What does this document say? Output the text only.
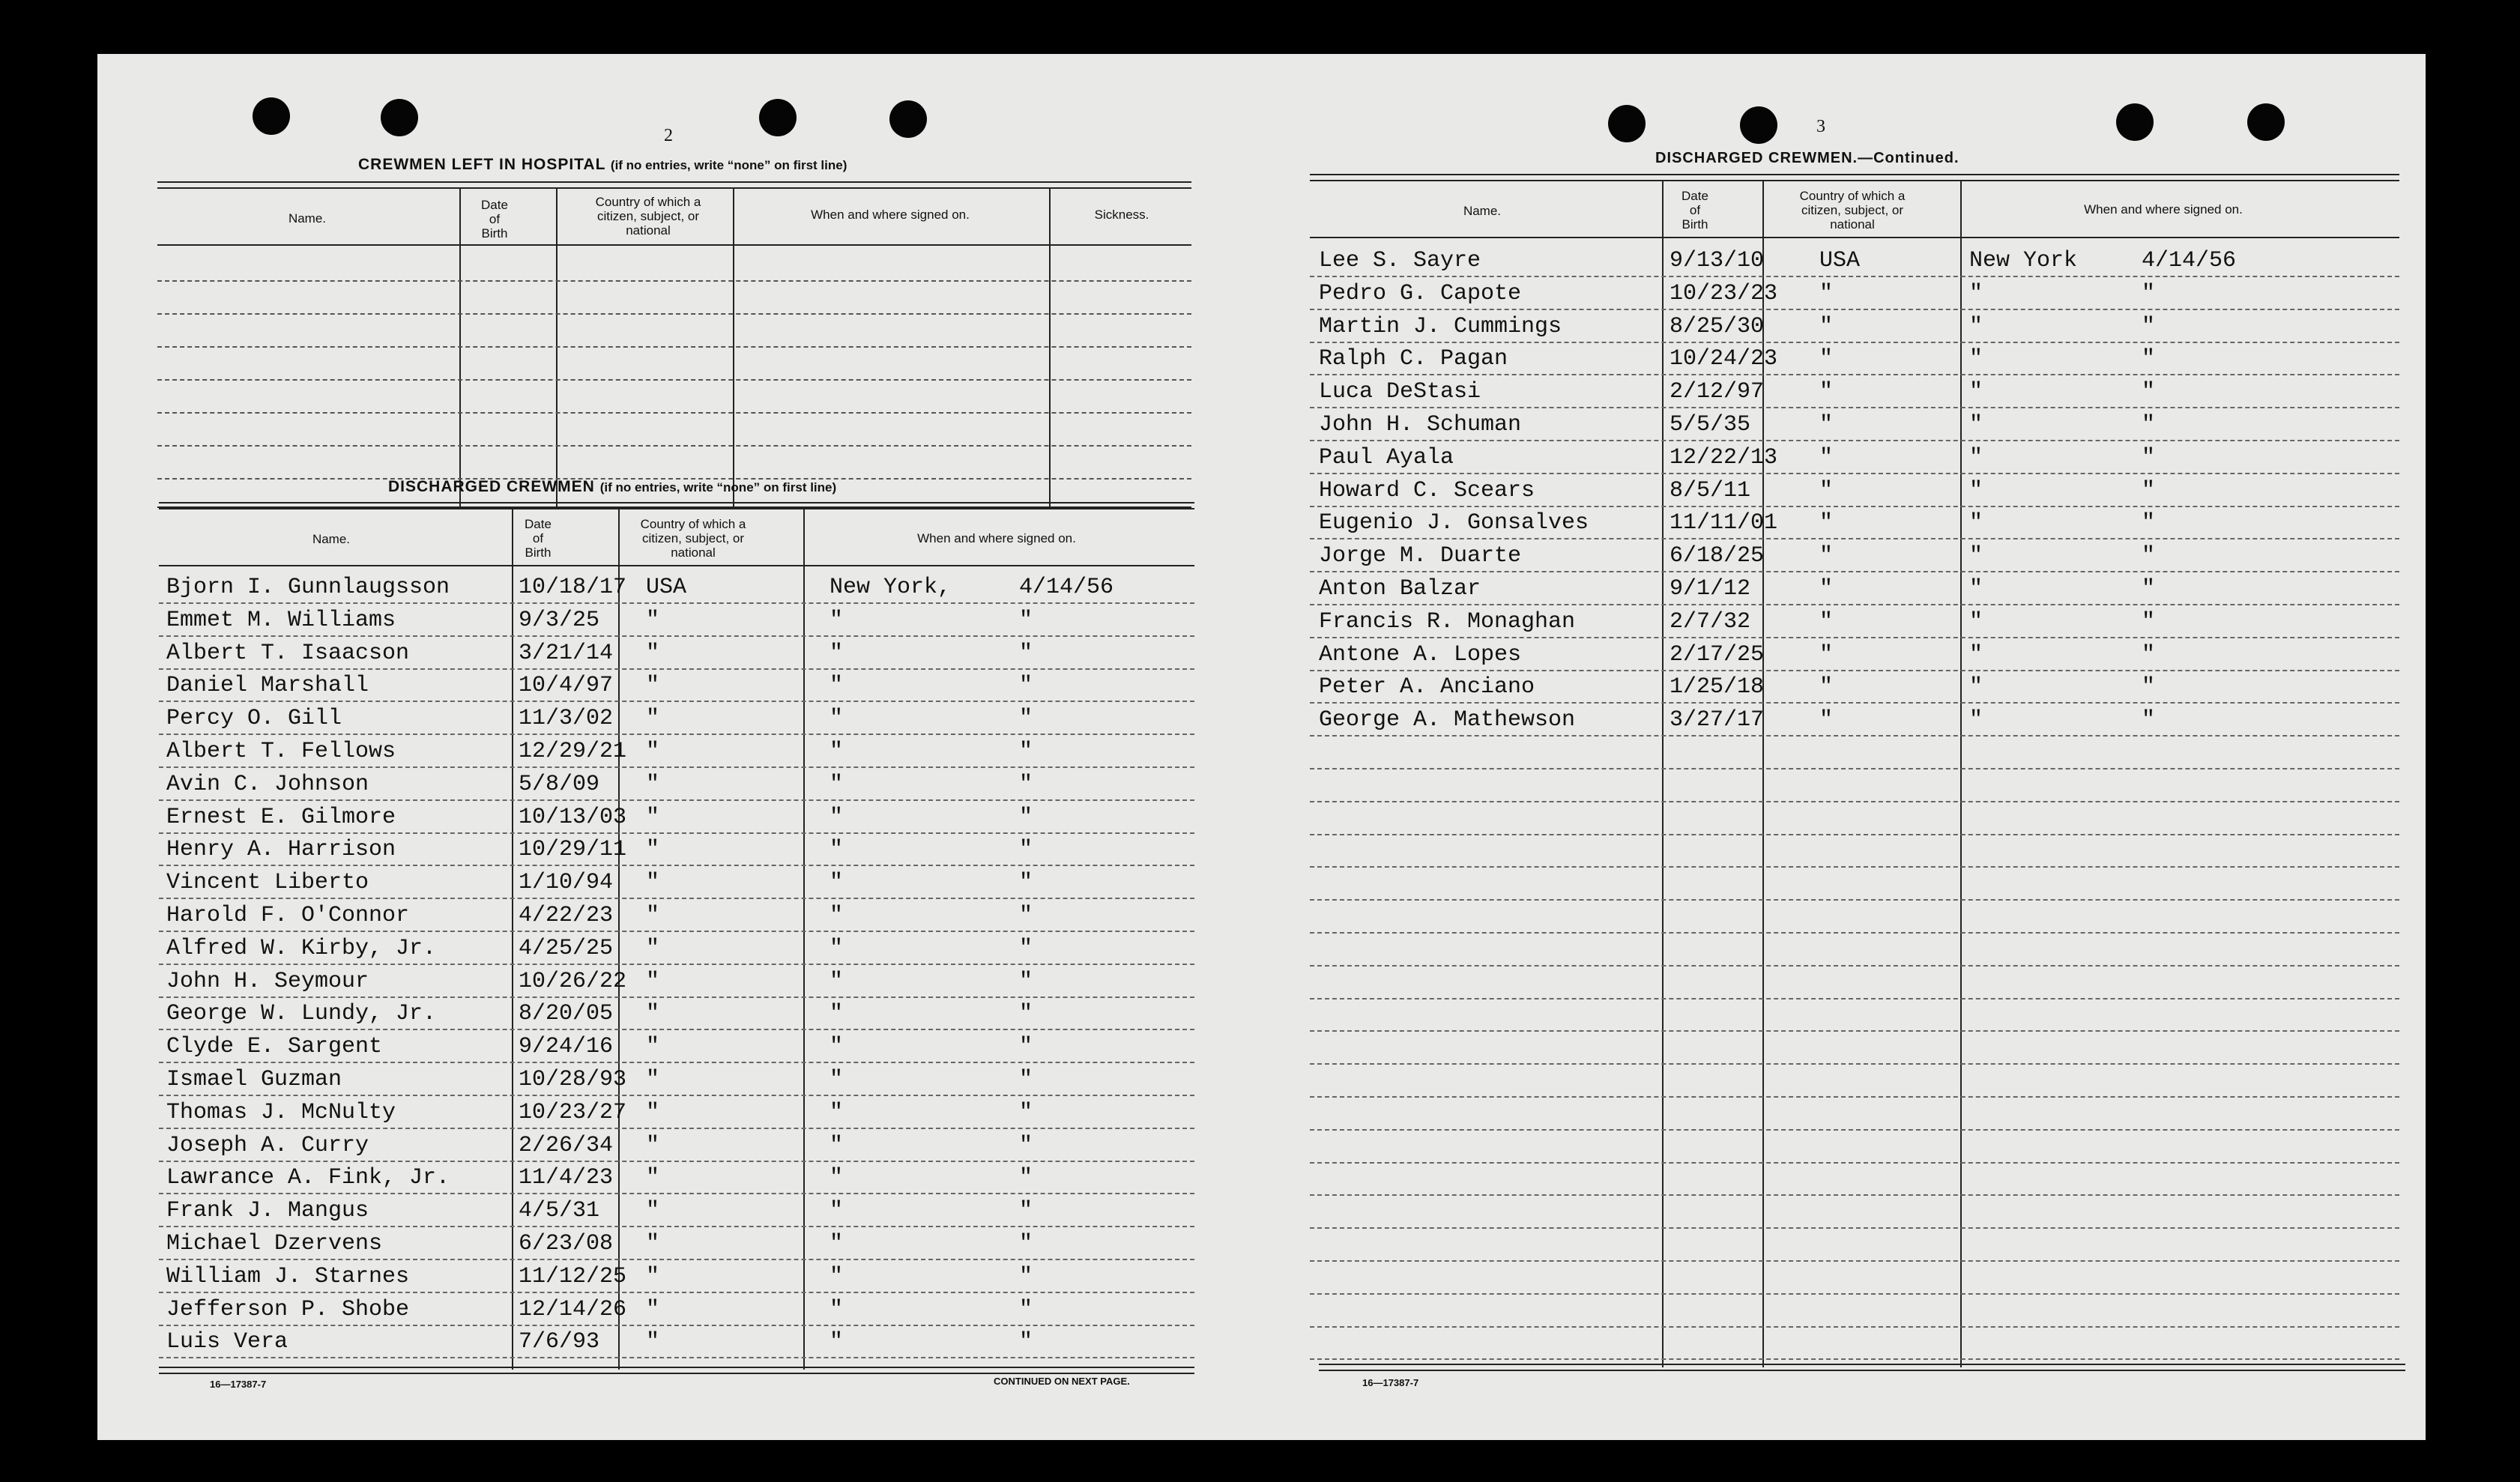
2
CREWMEN LEFT IN HOSPITAL (if no entries, write “none” on first line)
Name.
Date
of
Birth
Country of which a
citizen, subject, or
national
When and where signed on.	Sickness.
DISCHARGED CREWMEN (if no entries, write “none” on first line)
Name.
Date
of
Birth
Country of which a
citizen, subject, or
national
When and where signed on.
Bjorn I. Gunnlaugsson	10/18/17 USA	New York,	4/14/56
Emmet M. Williams	9/3/25 "	"	"
Albert T. Isaacson	3/21/14 "	"	"
Daniel Marshall	10/4/97 "	"	"
Percy O. Gill	11/3/02 "	"	"
Albert T. Fellows	12/29/21 "	"	"
Avin C. Johnson	5/8/09 "	"	"
Ernest E. Gilmore	10/13/03 "	"	"
Henry A. Harrison	10/29/11 "	"	"
Vincent Liberto	1/10/94 "	"	"
Harold F. O'Connor	4/22/23 "	"	"
Alfred W. Kirby, Jr.	4/25/25 "	"	"
John H. Seymour	10/26/22 "	"	"
George W. Lundy, Jr.	8/20/05 "	"	"
Clyde E. Sargent	9/24/16 "	"	"
Ismael Guzman	10/28/93 "	"	"
Thomas J. McNulty	10/23/27 "	"	"
Joseph A. Curry	2/26/34 "	"	"
Lawrance A. Fink, Jr.	11/4/23 "	"	"
Frank J. Mangus	4/5/31 "	"	"
Michael Dzervens	6/23/08 "	"	"
William J. Starnes	11/12/25 "	"	"
Jefferson P. Shobe	12/14/26 "	"	"
Luis Vera	7/6/93 "	"	"
16—17387-7	CONTINUED ON NEXT PAGE.
3
DISCHARGED CREWMEN.—Continued.
Name.
Date
of
Birth
Country of which a
citizen, subject, or
national
When and where signed on.
Lee S. Sayre	9/13/10 USA	New York	4/14/56
Pedro G. Capote	10/23/23 "	"	"
Martin J. Cummings	8/25/30 "	"	"
Ralph C. Pagan	10/24/23 "	"	"
Luca DeStasi	2/12/97 "	"	"
John H. Schuman	5/5/35	"	"	"
Paul Ayala	12/22/13 "	"	"
Howard C. Scears	8/5/11	"	"	"
Eugenio J. Gonsalves	11/11/01 "	"	"
Jorge M. Duarte	6/18/25 "	"	"
Anton Balzar	9/1/12	"	"	"
Francis R. Monaghan	2/7/32	"	"	"
Antone A. Lopes	2/17/25 "	"	"
Peter A. Anciano	1/25/18 "	"	"
George A. Mathewson	3/27/17 "	"	"
16—17387-7
